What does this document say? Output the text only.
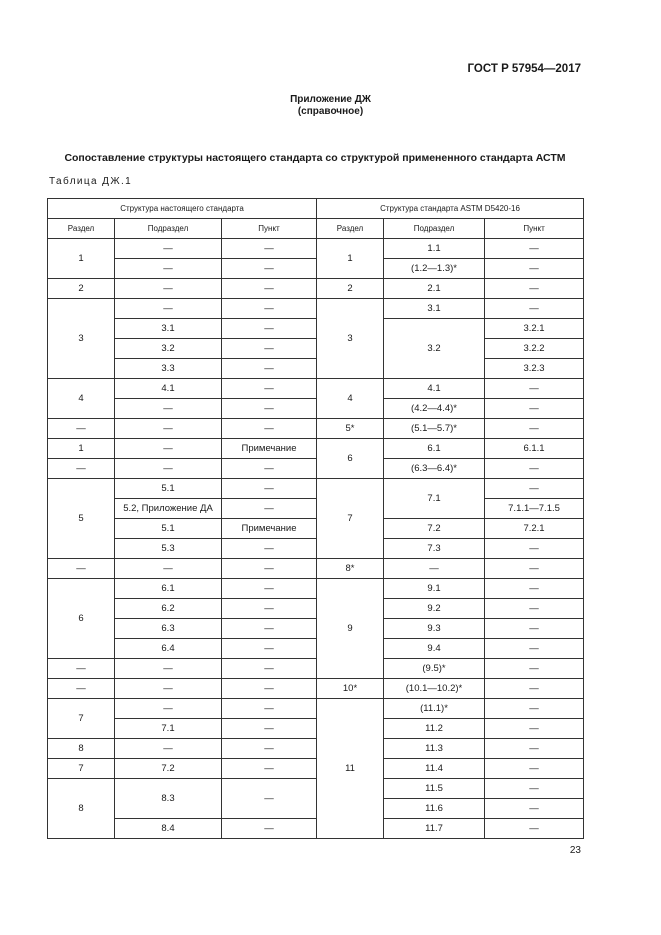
ГОСТ Р 57954—2017
Приложение ДЖ
(справочное)
Сопоставление структуры настоящего стандарта со структурой примененного стандарта АСТМ
Таблица ДЖ.1
Структура настоящего стандарта			Структура стандарта ASTM D5420-16		
Раздел	Подраздел	Пункт	Раздел	Подраздел	Пункт
1	—	—	1	1.1	—
	—	—		(1.2—1.3)*	—
2	—	—	2	2.1	—
3	—	—	3	3.1	—
	3.1	—		3.2	3.2.1
	3.2	—			3.2.2
	3.3	—			3.2.3
4	4.1	—	4	4.1	—
	—	—		(4.2—4.4)*	—
—	—	—	5*	(5.1—5.7)*	—
1	—	Примечание	6	6.1	6.1.1
—	—	—		(6.3—6.4)*	—
5	5.1	—	7	7.1	—
	5.2, Приложение ДА	—			7.1.1—7.1.5
	5.1	Примечание		7.2	7.2.1
	5.3	—		7.3	—
—	—	—	8*	—	—
6	6.1	—	9	9.1	—
	6.2	—		9.2	—
	6.3	—		9.3	—
	6.4	—		9.4	—
—	—	—		(9.5)*	—
—	—	—	10*	(10.1—10.2)*	—
7	—	—	11	(11.1)*	—
	7.1	—		11.2	—
8	—	—		11.3	—
7	7.2	—		11.4	—
8	8.3	—		11.5	—
				11.6	—
	8.4	—		11.7	—
23
